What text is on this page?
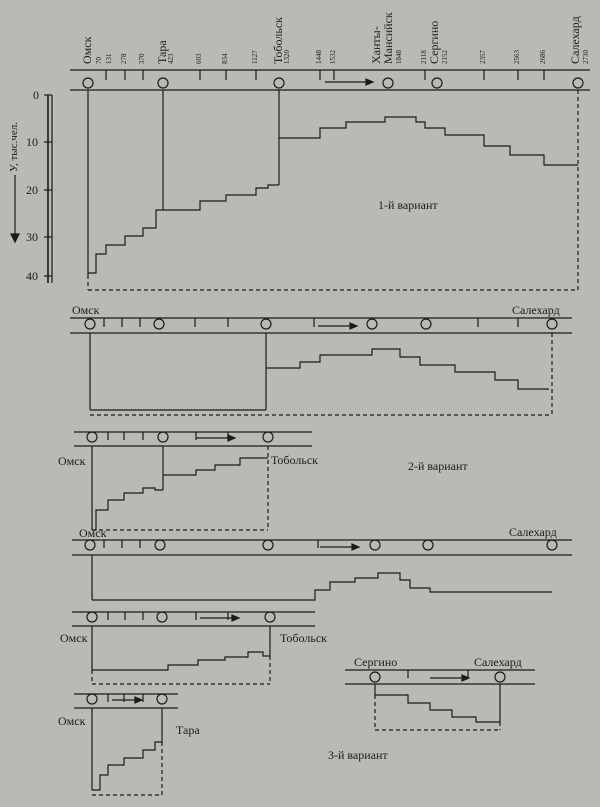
Омск	Тара	Тобольск	Ханты-Мансийск	Сергино	Салехард
70 131 278 370	423	603	834	1127	1320	1448 1532	1848 2118 2152	2357	2563	2686	2730
У, тыс.чел.
0
10
20
30
40
1-й вариант
2-й вариант
3-й вариант
Омск	Салехард
Омск	Тобольск
Омск	Салехард
Омск	Тобольск
Сергино	Салехард
Омск
Тара
